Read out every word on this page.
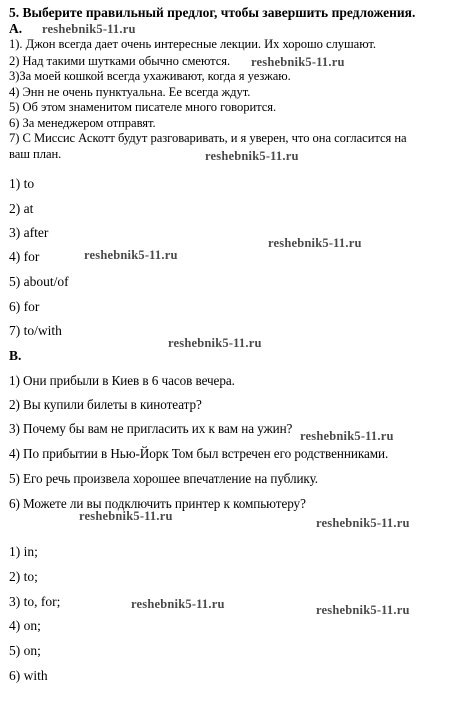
5. Выберите правильный предлог, чтобы завершить предложения.
A.
1). Джон всегда дает очень интересные лекции. Их хорошо слушают.
2) Над такими шутками обычно смеются.
3)За моей кошкой всегда ухаживают, когда я уезжаю.
4) Энн не очень пунктуальна. Ее всегда ждут.
5) Об этом знаменитом писателе много говорится.
6) За менеджером отправят.
7) С Миссис Аскотт будут разговаривать, и я уверен, что она согласится на
ваш план.
1) to
2) at
3) after
4) for
5) about/of
6) for
7) to/with
B.
1) Они прибыли в Киев в 6 часов вечера.
2) Вы купили билеты в кинотеатр?
3) Почему бы вам не пригласить их к вам на ужин?
4) По прибытии в Нью-Йорк Том был встречен его родственниками.
5) Его речь произвела хорошее впечатление на публику.
6) Можете ли вы подключить принтер к компьютеру?
1) in;
2) to;
3) to, for;
4) on;
5) on;
6) with
reshebnik5-11.ru
reshebnik5-11.ru
reshebnik5-11.ru
reshebnik5-11.ru
reshebnik5-11.ru
reshebnik5-11.ru
reshebnik5-11.ru
reshebnik5-11.ru	reshebnik5-11.ru
reshebnik5-11.ru	reshebnik5-11.ru
